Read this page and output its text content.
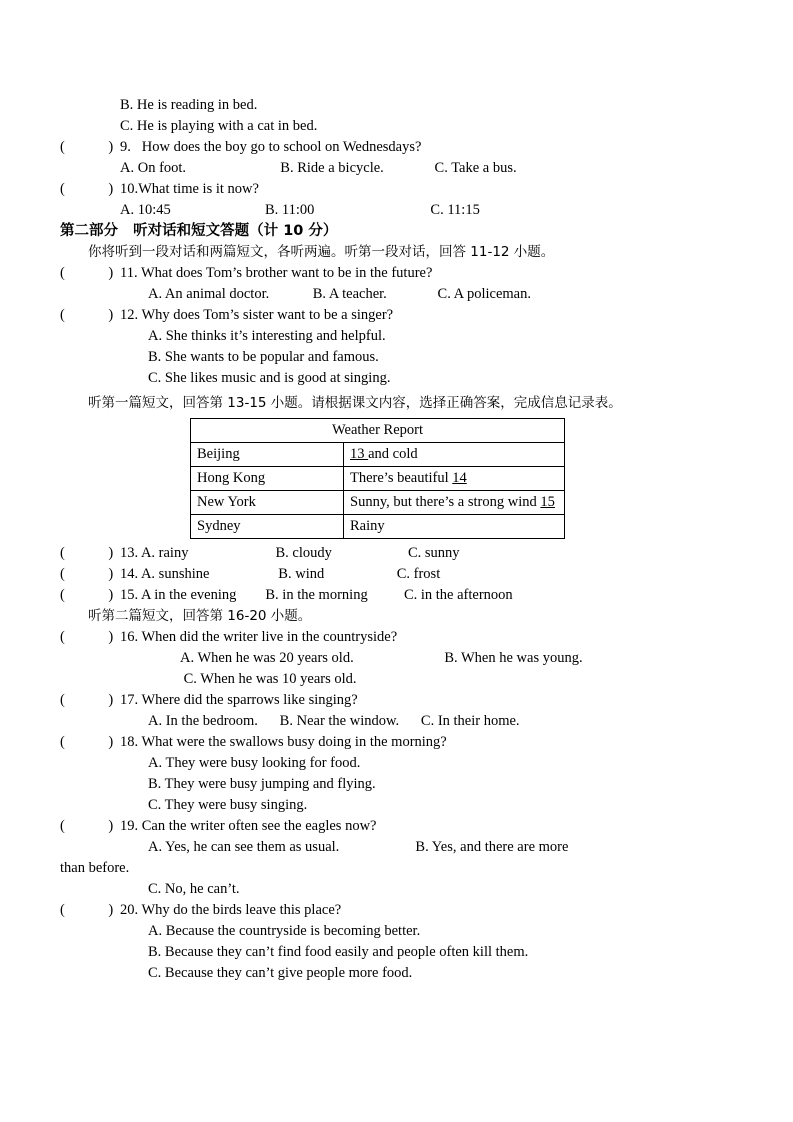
B. He is reading in bed.
C. He is playing with a cat in bed.
(            ) 9.   How does the boy go to school on Wednesdays?
A. On foot.                          B. Ride a bicycle.              C. Take a bus.
(            ) 10.What time is it now?
A. 10:45                          B. 11:00                                C. 11:15
第二部分 听对话和短文答题（计 10 分）
你将听到一段对话和两篇短文，各听两遍。听第一段对话，回答 11-12 小题。
(            ) 11. What does Tom’s brother want to be in the future?
A. An animal doctor.            B. A teacher.              C. A policeman.
(            ) 12. Why does Tom’s sister want to be a singer?
A. She thinks it’s interesting and helpful.
B. She wants to be popular and famous.
C. She likes music and is good at singing.
听第一篇短文，回答第 13-15 小题。请根据课文内容，选择正确答案，完成信息记录表。
Weather Report	
Beijing	13 and cold
Hong Kong	There’s beautiful 14
New York	Sunny, but there’s a strong wind 15
Sydney	Rainy
(            ) 13. A. rainy                        B. cloudy                     C. sunny
(            ) 14. A. sunshine                   B. wind                    C. frost
(            ) 15. A in the evening        B. in the morning          C. in the afternoon
听第二篇短文，回答第 16-20 小题。
(            ) 16. When did the writer live in the countryside?
A. When he was 20 years old.                         B. When he was young.
C. When he was 10 years old.
(            ) 17. Where did the sparrows like singing?
A. In the bedroom.      B. Near the window.      C. In their home.
(            ) 18. What were the swallows busy doing in the morning?
A. They were busy looking for food.
B. They were busy jumping and flying.
C. They were busy singing.
(            ) 19. Can the writer often see the eagles now?
A. Yes, he can see them as usual.                     B. Yes, and there are more
than before.
C. No, he can’t.
(            ) 20. Why do the birds leave this place?
A. Because the countryside is becoming better.
B. Because they can’t find food easily and people often kill them.
C. Because they can’t give people more food.
